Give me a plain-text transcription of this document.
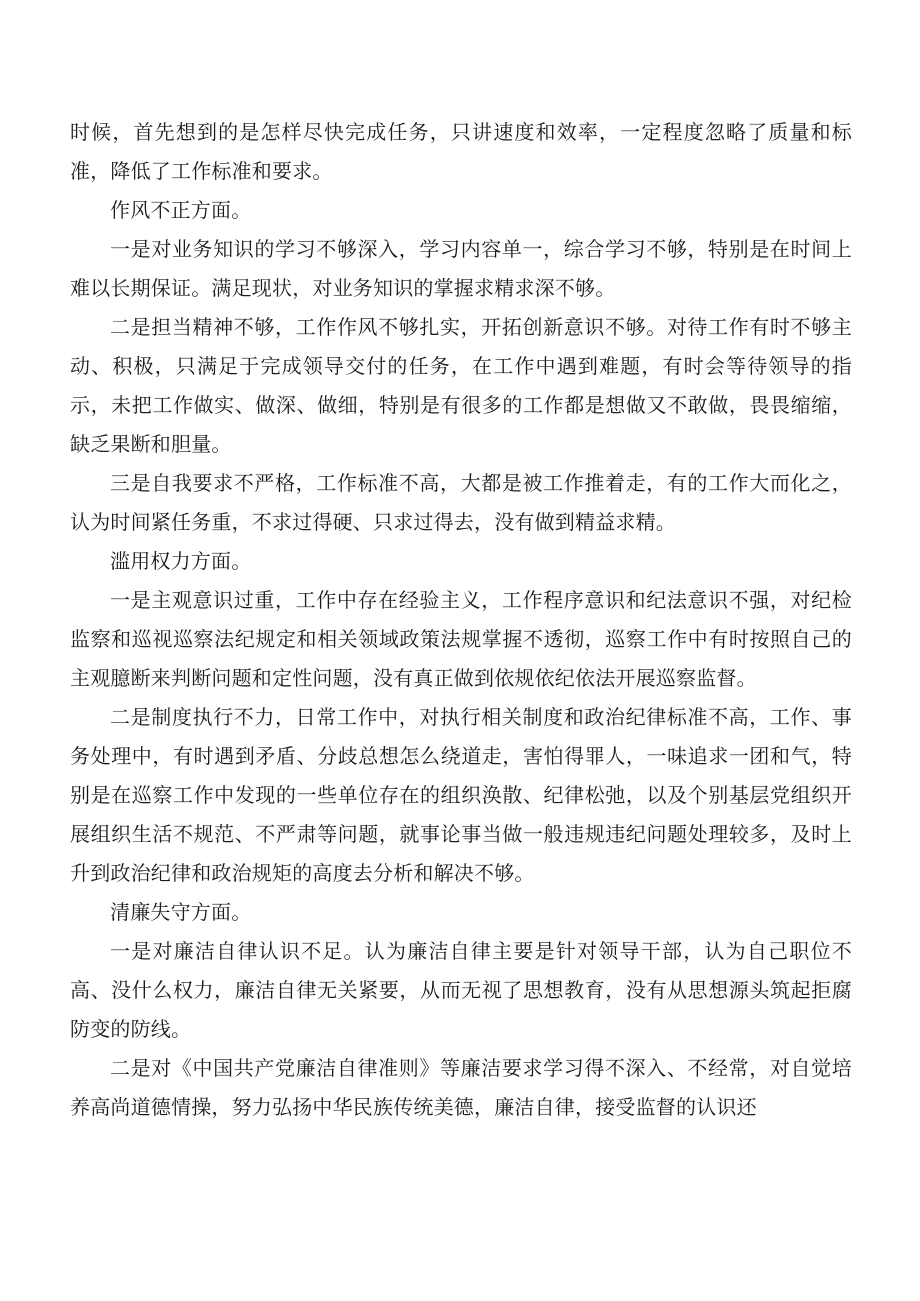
时候，首先想到的是怎样尽快完成任务，只讲速度和效率，一定程度忽略了质量和标准，降低了工作标准和要求。

作风不正方面。

一是对业务知识的学习不够深入，学习内容单一，综合学习不够，特别是在时间上难以长期保证。满足现状，对业务知识的掌握求精求深不够。

二是担当精神不够，工作作风不够扎实，开拓创新意识不够。对待工作有时不够主动、积极，只满足于完成领导交付的任务，在工作中遇到难题，有时会等待领导的指示，未把工作做实、做深、做细，特别是有很多的工作都是想做又不敢做，畏畏缩缩，缺乏果断和胆量。

三是自我要求不严格，工作标准不高，大都是被工作推着走，有的工作大而化之，认为时间紧任务重，不求过得硬、只求过得去，没有做到精益求精。

滥用权力方面。

一是主观意识过重，工作中存在经验主义，工作程序意识和纪法意识不强，对纪检监察和巡视巡察法纪规定和相关领域政策法规掌握不透彻，巡察工作中有时按照自己的主观臆断来判断问题和定性问题，没有真正做到依规依纪依法开展巡察监督。

二是制度执行不力，日常工作中，对执行相关制度和政治纪律标准不高，工作、事务处理中，有时遇到矛盾、分歧总想怎么绕道走，害怕得罪人，一味追求一团和气，特别是在巡察工作中发现的一些单位存在的组织涣散、纪律松弛，以及个别基层党组织开展组织生活不规范、不严肃等问题，就事论事当做一般违规违纪问题处理较多，及时上升到政治纪律和政治规矩的高度去分析和解决不够。

清廉失守方面。

一是对廉洁自律认识不足。认为廉洁自律主要是针对领导干部，认为自己职位不高、没什么权力，廉洁自律无关紧要，从而无视了思想教育，没有从思想源头筑起拒腐防变的防线。

二是对《中国共产党廉洁自律准则》等廉洁要求学习得不深入、不经常，对自觉培养高尚道德情操，努力弘扬中华民族传统美德，廉洁自律，接受监督的认识还
